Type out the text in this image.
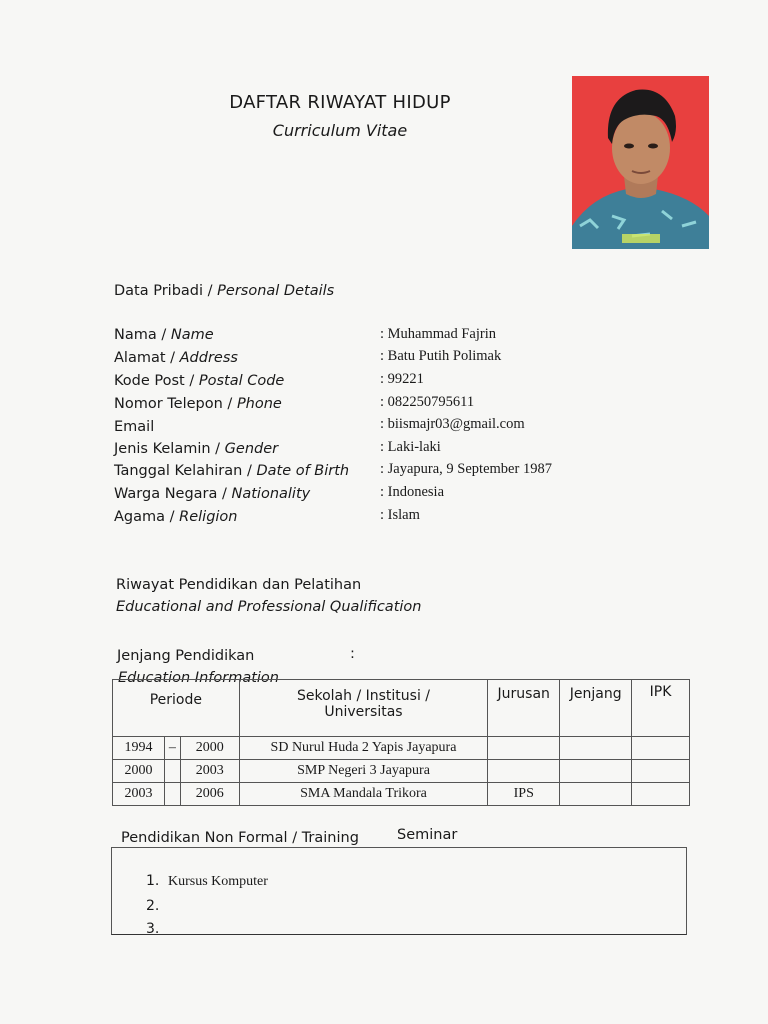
DAFTAR RIWAYAT HIDUP
Curriculum Vitae
Data Pribadi / Personal Details
Nama / Name	: Muhammad Fajrin
Alamat / Address	: Batu Putih Polimak
Kode Post / Postal Code	: 99221
Nomor Telepon / Phone	: 082250795611
Email	: biismajr03@gmail.com
Jenis Kelamin / Gender	: Laki-laki
Tanggal Kelahiran / Date of Birth : Jayapura, 9 September 1987
Warga Negara / Nationality	: Indonesia
Agama / Religion	: Islam
Riwayat Pendidikan dan Pelatihan
Educational and Professional Qualification
Jenjang Pendidikan	:
Education Information
Periode			Sekolah / Institusi / Universitas	Jurusan	Jenjang	IPK
1994	–	2000	SD Nurul Huda 2 Yapis Jayapura			
2000		2003	SMP Negeri 3 Jayapura			
2003		2006	SMA Mandala Trikora	IPS		
Pendidikan Non Formal / Training	Seminar
1. Kursus Komputer
2.
3.
